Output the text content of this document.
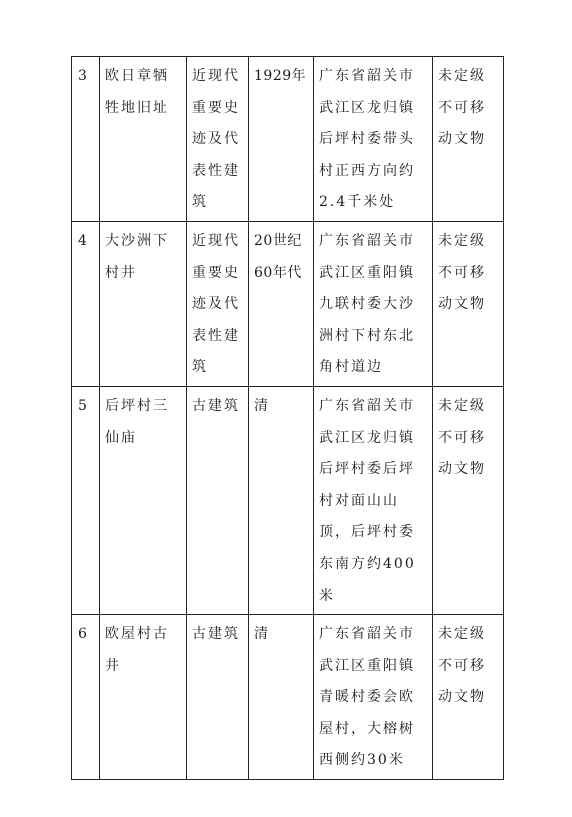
3	欧日章牺牲地旧址	近现代重要史迹及代表性建筑	1929年	广东省韶关市武江区龙归镇后坪村委带头村正西方向约2.4千米处	未定级不可移动文物
4	大沙洲下村井	近现代重要史迹及代表性建筑	20世纪60年代	广东省韶关市武江区重阳镇九联村委大沙洲村下村东北角村道边	未定级不可移动文物
5	后坪村三仙庙	古建筑	清	广东省韶关市武江区龙归镇后坪村委后坪村对面山山顶，后坪村委东南方约400米	未定级不可移动文物
6	欧屋村古井	古建筑	清	广东省韶关市武江区重阳镇青暖村委会欧屋村，大榕树西侧约30米	未定级不可移动文物
